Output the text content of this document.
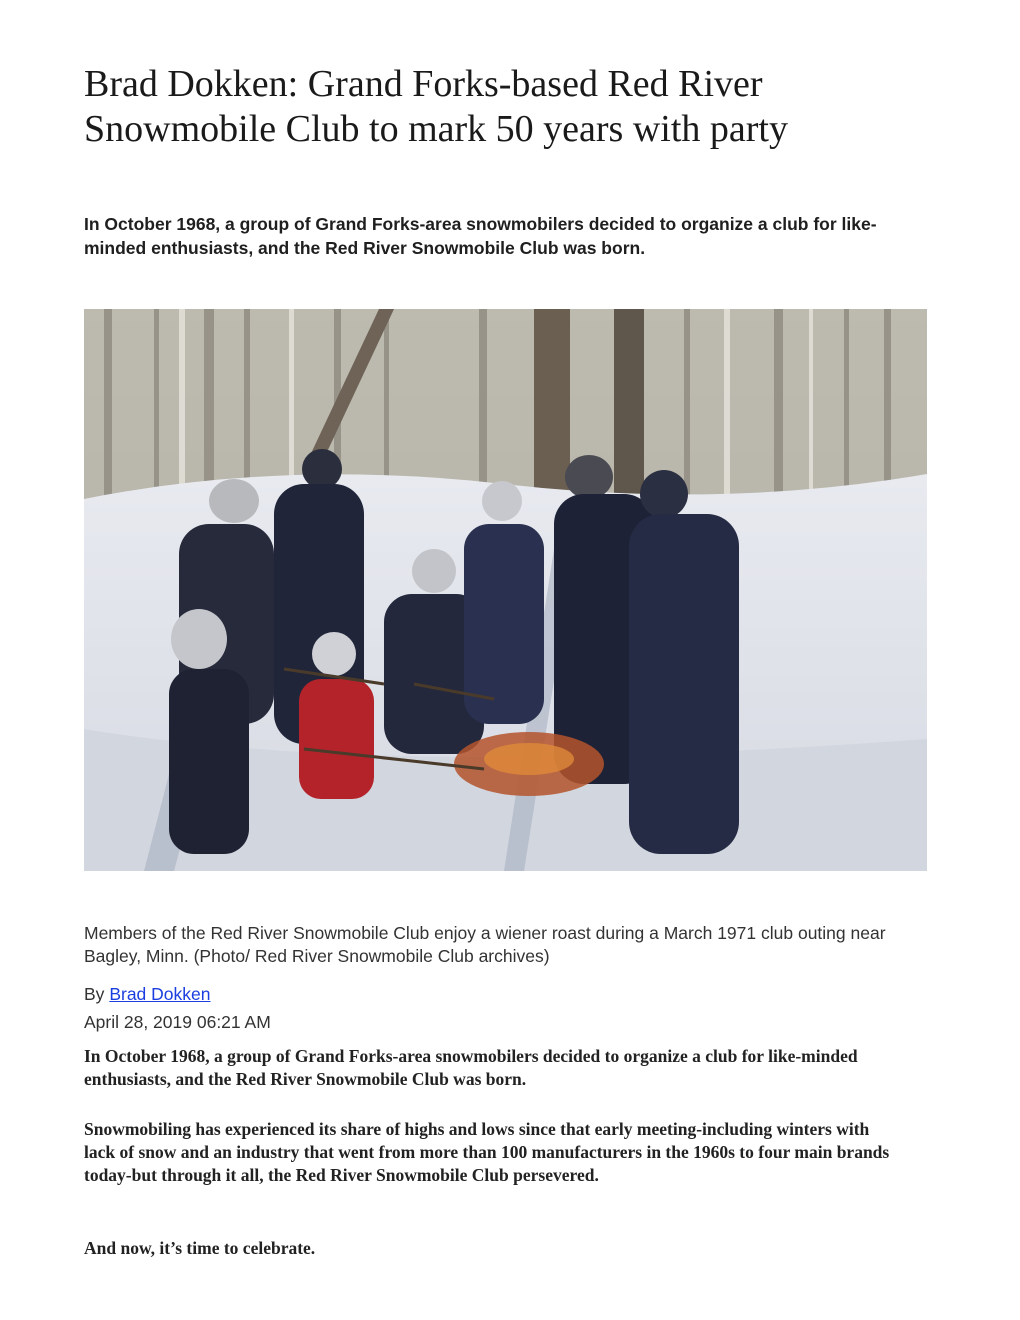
Brad Dokken: Grand Forks-based Red River Snowmobile Club to mark 50 years with party

In October 1968, a group of Grand Forks-area snowmobilers decided to organize a club for like-minded enthusiasts, and the Red River Snowmobile Club was born.

Members of the Red River Snowmobile Club enjoy a wiener roast during a March 1971 club outing near Bagley, Minn. (Photo/ Red River Snowmobile Club archives)

By Brad Dokken
April 28, 2019 06:21 AM

In October 1968, a group of Grand Forks-area snowmobilers decided to organize a club for like-minded enthusiasts, and the Red River Snowmobile Club was born.

Snowmobiling has experienced its share of highs and lows since that early meeting-including winters with lack of snow and an industry that went from more than 100 manufacturers in the 1960s to four main brands today-but through it all, the Red River Snowmobile Club persevered.

And now, it’s time to celebrate.
